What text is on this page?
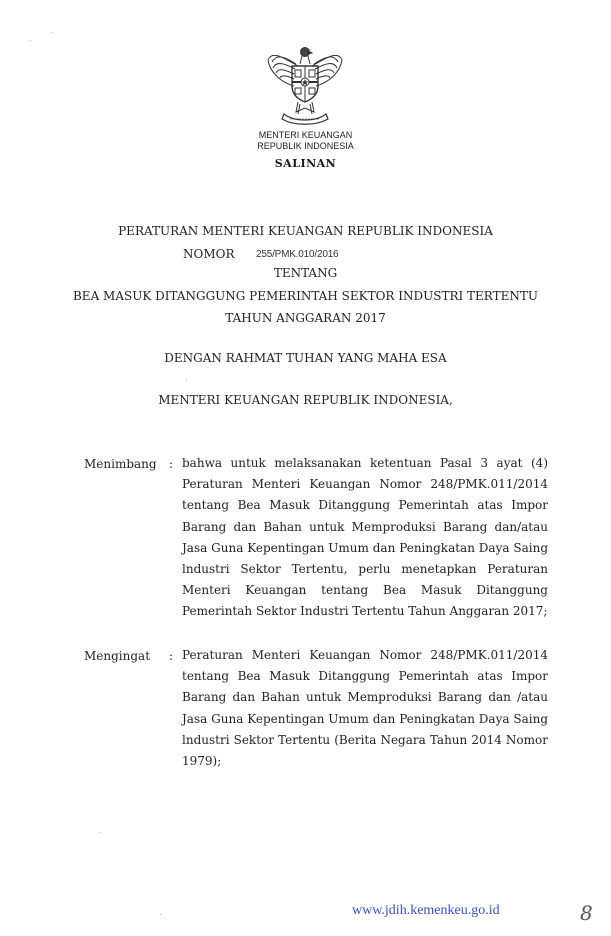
MENTERI KEUANGAN
REPUBLIK INDONESIA
SALINAN
PERATURAN MENTERI KEUANGAN REPUBLIK INDONESIA
NOMOR 255/PMK.010/2016
TENTANG
BEA MASUK DITANGGUNG PEMERINTAH SEKTOR INDUSTRI TERTENTU
TAHUN ANGGARAN 2017
DENGAN RAHMAT TUHAN YANG MAHA ESA
MENTERI KEUANGAN REPUBLIK INDONESIA,
Menimbang : bahwa untuk melaksanakan ketentuan Pasal 3 ayat (4)
Peraturan Menteri Keuangan Nomor 248/PMK.011/2014
tentang Bea Masuk Ditanggung Pemerintah atas Impor
Barang dan Bahan untuk Memproduksi Barang dan/atau
Jasa Guna Kepentingan Umum dan Peningkatan Daya Saing
lndustri Sektor Tertentu, perlu menetapkan Peraturan
Menteri Keuangan tentang Bea Masuk Ditanggung
Pemerintah Sektor Industri Tertentu Tahun Anggaran 2017;
Mengingat : Peraturan Menteri Keuangan Nomor 248/PMK.011/2014
tentang Bea Masuk Ditanggung Pemerintah atas Impor
Barang dan Bahan untuk Memproduksi Barang dan /atau
Jasa Guna Kepentingan Umum dan Peningkatan Daya Saing
lndustri Sektor Tertentu (Berita Negara Tahun 2014 Nomor
1979);
www.jdih.kemenkeu.go.id	8
